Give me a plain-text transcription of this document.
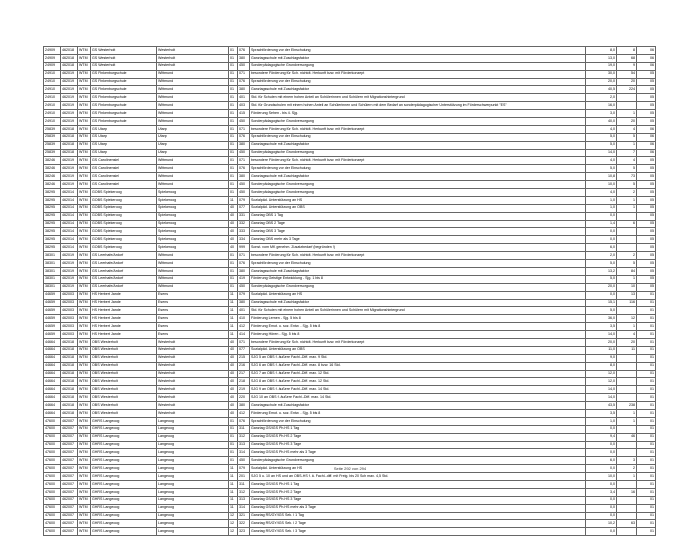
24909	462018	WTM	GS Westerholt	Westerholt	01	076	Sprachförderung vor der Einschulung	8,0	8	06
24909	462018	WTM	GS Westerholt	Westerholt	01	380	Ganztagsschule mit Zuschlagsfaktor	13,0	68	06
24909	462018	WTM	GS Westerholt	Westerholt	01	450	Sonderpädagogische Grundversorgung	19,0	9	06
24910	462019	WTM	GS Finkenburgschule	Wittmund	01	071	besondere Förderung für Sch. nichtdt. Herkunft bzw. mit Förderkonzept	30,0	54	05
24910	462019	WTM	GS Finkenburgschule	Wittmund	01	076	Sprachförderung vor der Einschulung	20,0	20	05
24910	462019	WTM	GS Finkenburgschule	Wittmund	01	380	Ganztagsschule mit Zuschlagsfaktor	40,5	224	05
24910	462019	WTM	GS Finkenburgschule	Wittmund	01	401	Std. für Schulen mit einem hohen Anteil an Schülerinnen und Schülern mit Migrationshintergrund	2,0		05
24910	462019	WTM	GS Finkenburgschule	Wittmund	01	403	Std. für Grundschulen mit einem hohen Anteil an Schülerinnen und Schülern mit dem Bedarf an sonderpädagogischer Unterstützung im Förderschwerpunkt "ES"	16,0		05
24910	462019	WTM	GS Finkenburgschule	Wittmund	01	415	Förderung Sehen - bis 4. Sjg.	3,0	1	05
24910	462019	WTM	GS Finkenburgschule	Wittmund	01	450	Sonderpädagogische Grundversorgung	40,0	20	05
25839	462018	WTM	GS Utarp	Utarp	01	071	besondere Förderung für Sch. nichtdt. Herkunft bzw. mit Förderkonzept	4,0	4	06
25839	462018	WTM	GS Utarp	Utarp	01	076	Sprachförderung vor der Einschulung	5,0	5	06
25839	462018	WTM	GS Utarp	Utarp	01	380	Ganztagsschule mit Zuschlagsfaktor	5,0	1	06
25839	462018	WTM	GS Utarp	Utarp	01	450	Sonderpädagogische Grundversorgung	14,0	7	06
38246	462019	WTM	GS Carolinensiel	Wittmund	01	071	besondere Förderung für Sch. nichtdt. Herkunft bzw. mit Förderkonzept	4,0	4	05
38246	462019	WTM	GS Carolinensiel	Wittmund	01	076	Sprachförderung vor der Einschulung	5,0	5	05
38246	462019	WTM	GS Carolinensiel	Wittmund	01	380	Ganztagsschule mit Zuschlagsfaktor	10,8	73	05
38246	462019	WTM	GS Carolinensiel	Wittmund	01	450	Sonderpädagogische Grundversorgung	10,0	5	05
38295	462014	WTM	GOBS Spiekeroog	Spiekeroog	01	450	Sonderpädagogische Grundversorgung	4,0	2	05
38295	462014	WTM	GOBS Spiekeroog	Spiekeroog	11	079	Sozialpäd. Unterstützung an HS	1,0	1	05
38295	462014	WTM	GOBS Spiekeroog	Spiekeroog	40	077	Sozialpäd. Unterstützung an OBS	1,0	1	05
38295	462014	WTM	GOBS Spiekeroog	Spiekeroog	40	331	Ganztag OBS 1 Tag	0,0		05
38295	462014	WTM	GOBS Spiekeroog	Spiekeroog	40	332	Ganztag OBS 2 Tage	1,4	6	05
38295	462014	WTM	GOBS Spiekeroog	Spiekeroog	40	333	Ganztag OBS 3 Tage	0,0		05
38295	462014	WTM	GOBS Spiekeroog	Spiekeroog	40	334	Ganztag OBS mehr als 3 Tage	0,0		05
38295	462014	WTM	GOBS Spiekeroog	Spiekeroog	40	999	Sonst. vom MK genehm. Zusatzbedarf (begründen !)	6,0		05
38301	462019	WTM	GS Leerhafe/Ardorf	Wittmund	01	071	besondere Förderung für Sch. nichtdt. Herkunft bzw. mit Förderkonzept	2,0	2	05
38301	462019	WTM	GS Leerhafe/Ardorf	Wittmund	01	076	Sprachförderung vor der Einschulung	5,0	5	05
38301	462019	WTM	GS Leerhafe/Ardorf	Wittmund	01	380	Ganztagsschule mit Zuschlagsfaktor	13,2	84	05
38301	462019	WTM	GS Leerhafe/Ardorf	Wittmund	01	419	Förderung Geistige Entwicklung - Sjg. 1 bis 8	5,0	1	05
38301	462019	WTM	GS Leerhafe/Ardorf	Wittmund	01	450	Sonderpädagogische Grundversorgung	20,0	10	05
44659	462003	WTM	HS Herbert Jande	Esens	11	079	Sozialpäd. Unterstützung an HS	0,0	13	01
44659	462003	WTM	HS Herbert Jande	Esens	11	380	Ganztagsschule mit Zuschlagsfaktor	15,1	116	01
44659	462003	WTM	HS Herbert Jande	Esens	11	401	Std. für Schulen mit einem hohen Anteil an Schülerinnen und Schülern mit Migrationshintergrund	5,0		01
44659	462003	WTM	HS Herbert Jande	Esens	11	410	Förderung Lernen - Sjg. 5 bis 8	36,0	12	01
44659	462003	WTM	HS Herbert Jande	Esens	11	412	Förderung Emot. u. soz. Entw. - Sjg. 5 bis 8	3,5	1	01
44659	462003	WTM	HS Herbert Jande	Esens	11	414	Förderung Hören - Sjg. 5 bis 8	14,0	4	01
44664	462018	WTM	OBS Westerholt	Westerholt	40	071	besondere Förderung für Sch. nichtdt. Herkunft bzw. mit Förderkonzept	20,0	20	01
44664	462018	WTM	OBS Westerholt	Westerholt	40	077	Sozialpäd. Unterstützung an OBS	11,0	11	01
44664	462018	WTM	OBS Westerholt	Westerholt	40	215	SJG 5 an OBS f. äußere Fachl.-Diff. max. 9 Std.	9,0		01
44664	462018	WTM	OBS Westerholt	Westerholt	40	216	SJG 6 an OBS f. äußere Fachl.-Diff. max. 8 bzw. 16 Std.	8,0		01
44664	462018	WTM	OBS Westerholt	Westerholt	40	217	SJG 7 an OBS f. äußere Fachl.-Diff. max. 12 Std.	12,0		01
44664	462018	WTM	OBS Westerholt	Westerholt	40	218	SJG 8 an OBS f. äußere Fachl.-Diff. max. 12 Std.	12,0		01
44664	462018	WTM	OBS Westerholt	Westerholt	40	219	SJG 9 an OBS f. äußere Fachl.-Diff. max. 14 Std.	14,0		01
44664	462018	WTM	OBS Westerholt	Westerholt	40	220	SJG 10 an OBS f. äußere Fachl.-Diff. max. 14 Std.	14,0		01
44664	462018	WTM	OBS Westerholt	Westerholt	40	380	Ganztagsschule mit Zuschlagsfaktor	43,5	238	01
44664	462018	WTM	OBS Westerholt	Westerholt	40	412	Förderung Emot. u. soz. Entw. - Sjg. 5 bis 8	3,5	1	01
47600	462007	WTM	GHRS Langeoog	Langeoog	01	076	Sprachförderung vor der Einschulung	1,0	1	01
47600	462007	WTM	GHRS Langeoog	Langeoog	01	311	Ganztag GS/IGS Ph.HS 1 Tag	0,0		01
47600	462007	WTM	GHRS Langeoog	Langeoog	01	312	Ganztag GS/IGS Ph.HS 2 Tage	9,4	46	01
47600	462007	WTM	GHRS Langeoog	Langeoog	01	313	Ganztag GS/IGS Ph.HS 3 Tage	0,0		01
47600	462007	WTM	GHRS Langeoog	Langeoog	01	314	Ganztag GS/IGS Ph.HS mehr als 3 Tage	0,0		01
47600	462007	WTM	GHRS Langeoog	Langeoog	01	450	Sonderpädagogische Grundversorgung	6,0	3	01
47600	462007	WTM	GHRS Langeoog	Langeoog	11	079	Sozialpäd. Unterstützung an HS	0,0	2	01
47600	462007	WTM	GHRS Langeoog	Langeoog	11	201	SJG 5 u. 10 an HS und an OBS-HS f. ä. Fachl.-diff. mit Freig. bis 20 Sch max. 4,5 Std.	10,0	1	01
47600	462007	WTM	GHRS Langeoog	Langeoog	11	311	Ganztag GS/IGS Ph.HS 1 Tag	0,0		01
47600	462007	WTM	GHRS Langeoog	Langeoog	11	312	Ganztag GS/IGS Ph.HS 2 Tage	3,4	16	01
47600	462007	WTM	GHRS Langeoog	Langeoog	11	313	Ganztag GS/IGS Ph.HS 3 Tage	0,0		01
47600	462007	WTM	GHRS Langeoog	Langeoog	11	314	Ganztag GS/IGS Ph.HS mehr als 3 Tage	0,0		01
47600	462007	WTM	GHRS Langeoog	Langeoog	12	321	Ganztag RS/GY/IGS Sek. I 1 Tag	0,0		01
47600	462007	WTM	GHRS Langeoog	Langeoog	12	322	Ganztag RS/GY/IGS Sek. I 2 Tage	10,2	63	01
47600	462007	WTM	GHRS Langeoog	Langeoog	12	323	Ganztag RS/GY/IGS Sek. I 3 Tage	0,0		01
Seite 292 von 294
